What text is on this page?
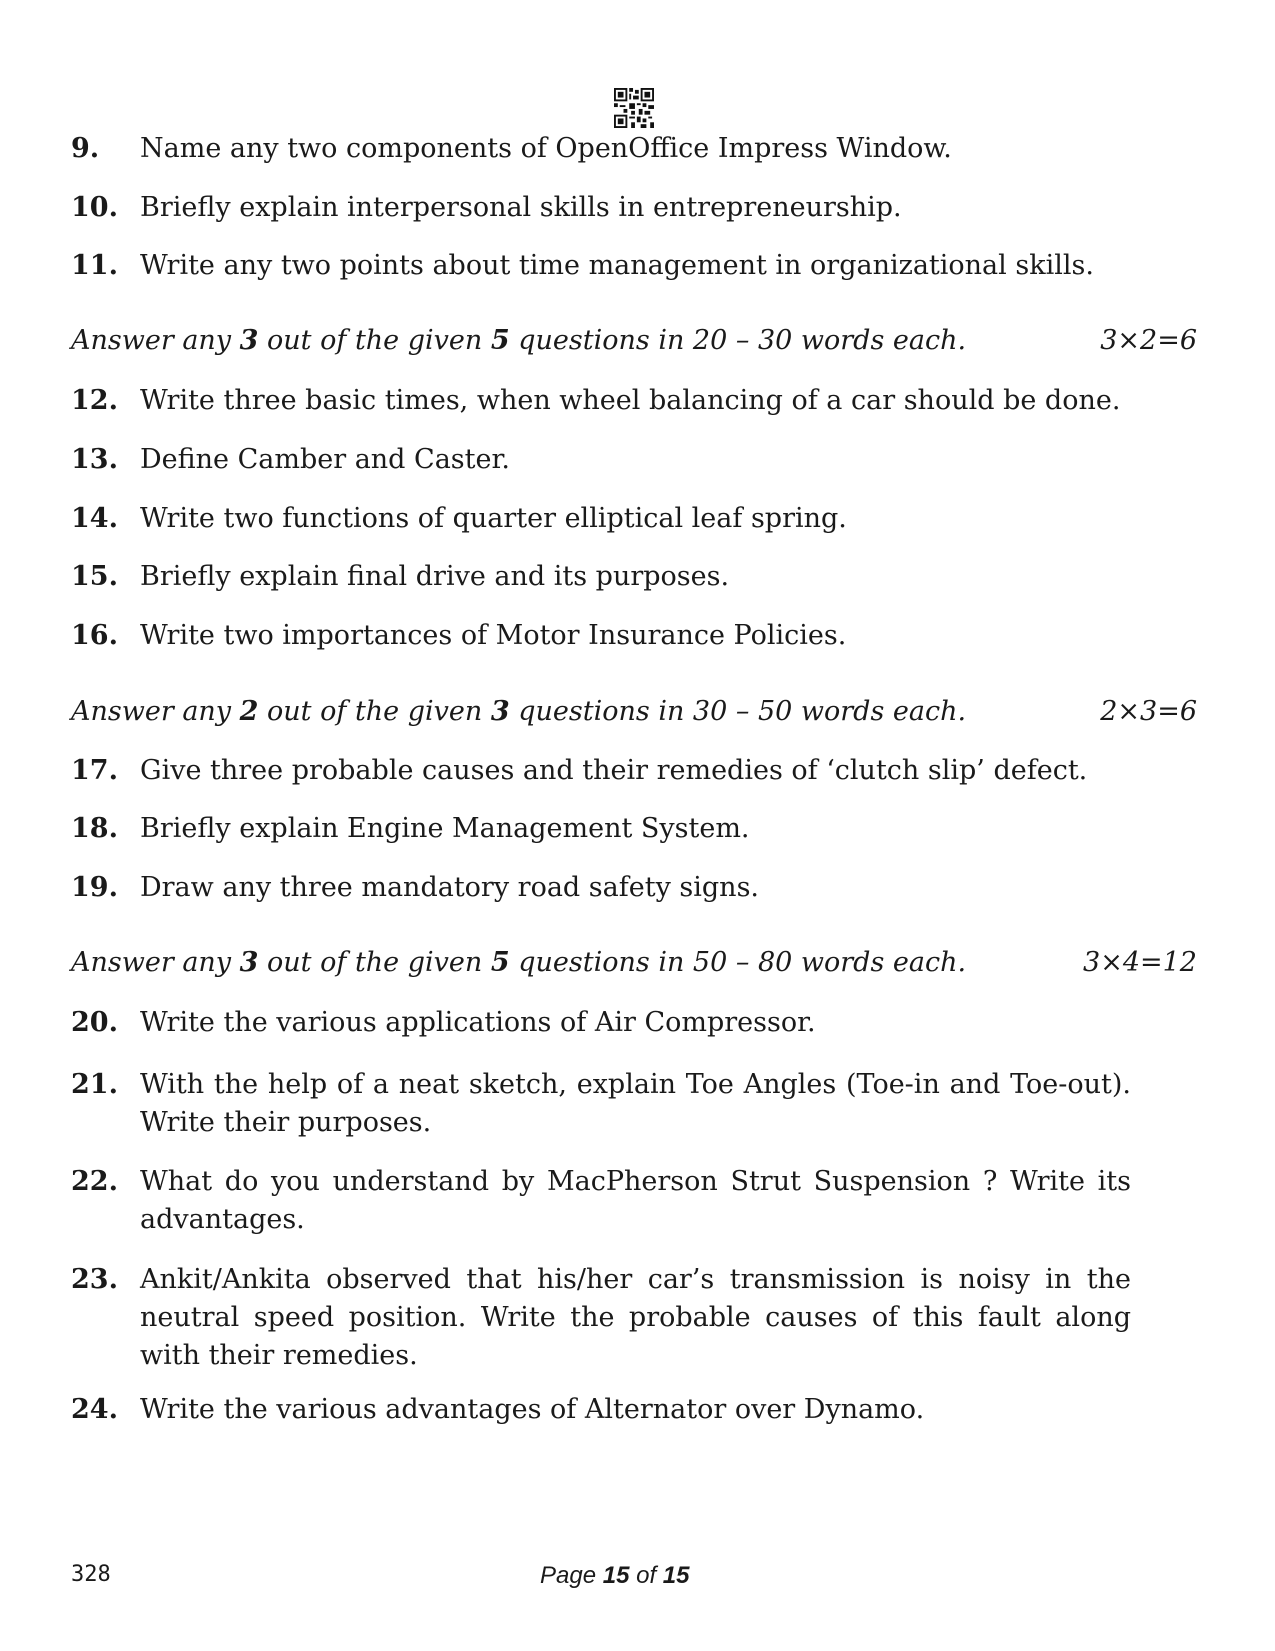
9. Name any two components of OpenOffice Impress Window.
10. Briefly explain interpersonal skills in entrepreneurship.
11. Write any two points about time management in organizational skills.
Answer any 3 out of the given 5 questions in 20 – 30 words each.	3×2=6
12. Write three basic times, when wheel balancing of a car should be done.
13. Define Camber and Caster.
14. Write two functions of quarter elliptical leaf spring.
15. Briefly explain final drive and its purposes.
16. Write two importances of Motor Insurance Policies.
Answer any 2 out of the given 3 questions in 30 – 50 words each.	2×3=6
17. Give three probable causes and their remedies of ‘clutch slip’ defect.
18. Briefly explain Engine Management System.
19. Draw any three mandatory road safety signs.
Answer any 3 out of the given 5 questions in 50 – 80 words each.	3×4=12
20. Write the various applications of Air Compressor.
21. With the help of a neat sketch, explain Toe Angles (Toe-in and Toe-out). Write their purposes.
22. What do you understand by MacPherson Strut Suspension ? Write its advantages.
23. Ankit/Ankita observed that his/her car’s transmission is noisy in the neutral speed position. Write the probable causes of this fault along with their remedies.
24. Write the various advantages of Alternator over Dynamo.
328	Page 15 of 15
